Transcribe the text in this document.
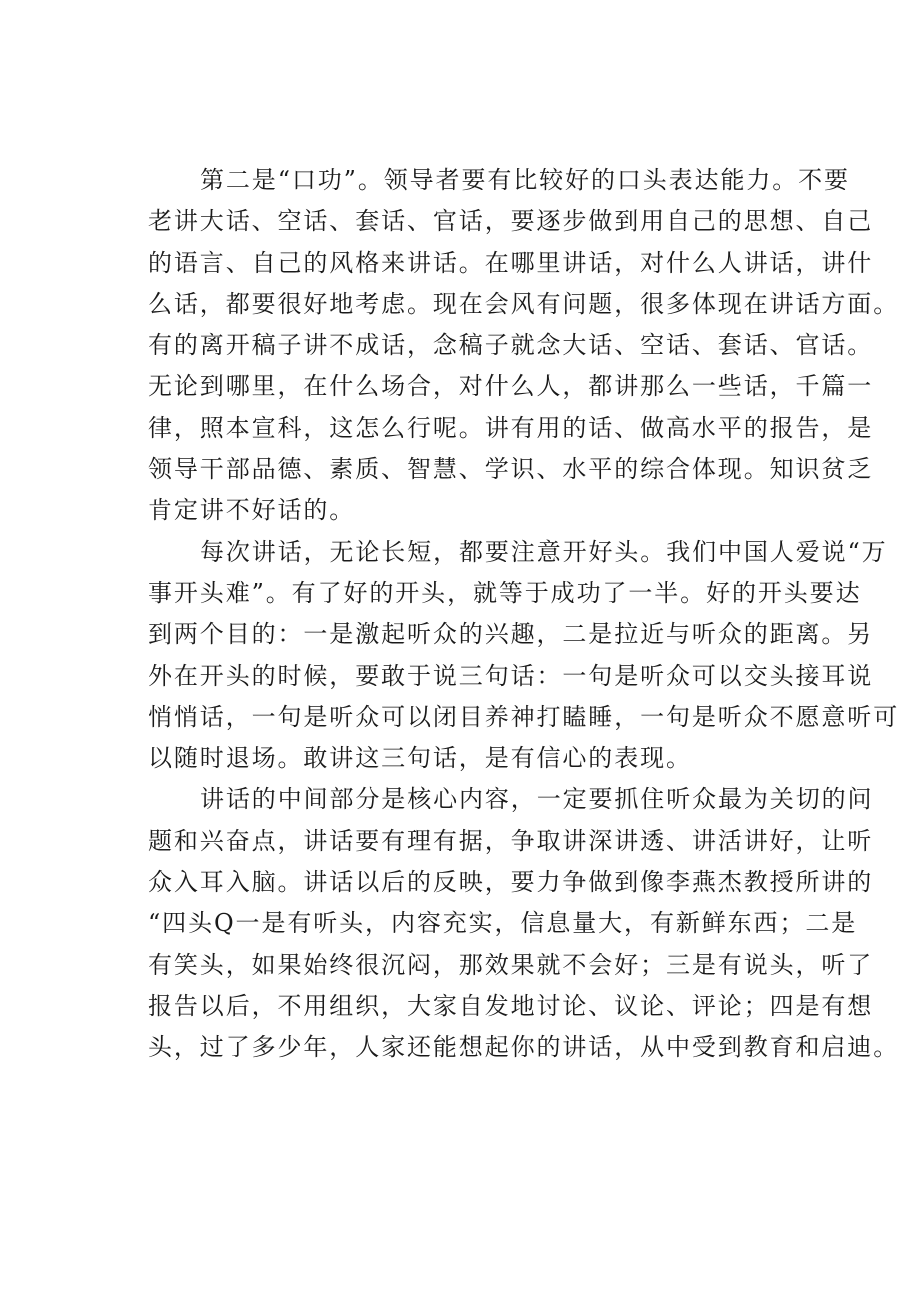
第二是“口功”。领导者要有比较好的口头表达能力。不要
老讲大话、空话、套话、官话，要逐步做到用自己的思想、自己
的语言、自己的风格来讲话。在哪里讲话，对什么人讲话，讲什
么话，都要很好地考虑。现在会风有问题，很多体现在讲话方面。
有的离开稿子讲不成话，念稿子就念大话、空话、套话、官话。
无论到哪里，在什么场合，对什么人，都讲那么一些话，千篇一
律，照本宣科，这怎么行呢。讲有用的话、做高水平的报告，是
领导干部品德、素质、智慧、学识、水平的综合体现。知识贫乏
肯定讲不好话的。

每次讲话，无论长短，都要注意开好头。我们中国人爱说“万
事开头难”。有了好的开头，就等于成功了一半。好的开头要达
到两个目的：一是激起听众的兴趣，二是拉近与听众的距离。另
外在开头的时候，要敢于说三句话：一句是听众可以交头接耳说
悄悄话，一句是听众可以闭目养神打瞌睡，一句是听众不愿意听可
以随时退场。敢讲这三句话，是有信心的表现。

讲话的中间部分是核心内容，一定要抓住听众最为关切的问
题和兴奋点，讲话要有理有据，争取讲深讲透、讲活讲好，让听
众入耳入脑。讲话以后的反映，要力争做到像李燕杰教授所讲的
“四头Q一是有听头，内容充实，信息量大，有新鲜东西；二是
有笑头，如果始终很沉闷，那效果就不会好；三是有说头，听了
报告以后，不用组织，大家自发地讨论、议论、评论；四是有想
头，过了多少年，人家还能想起你的讲话，从中受到教育和启迪。
